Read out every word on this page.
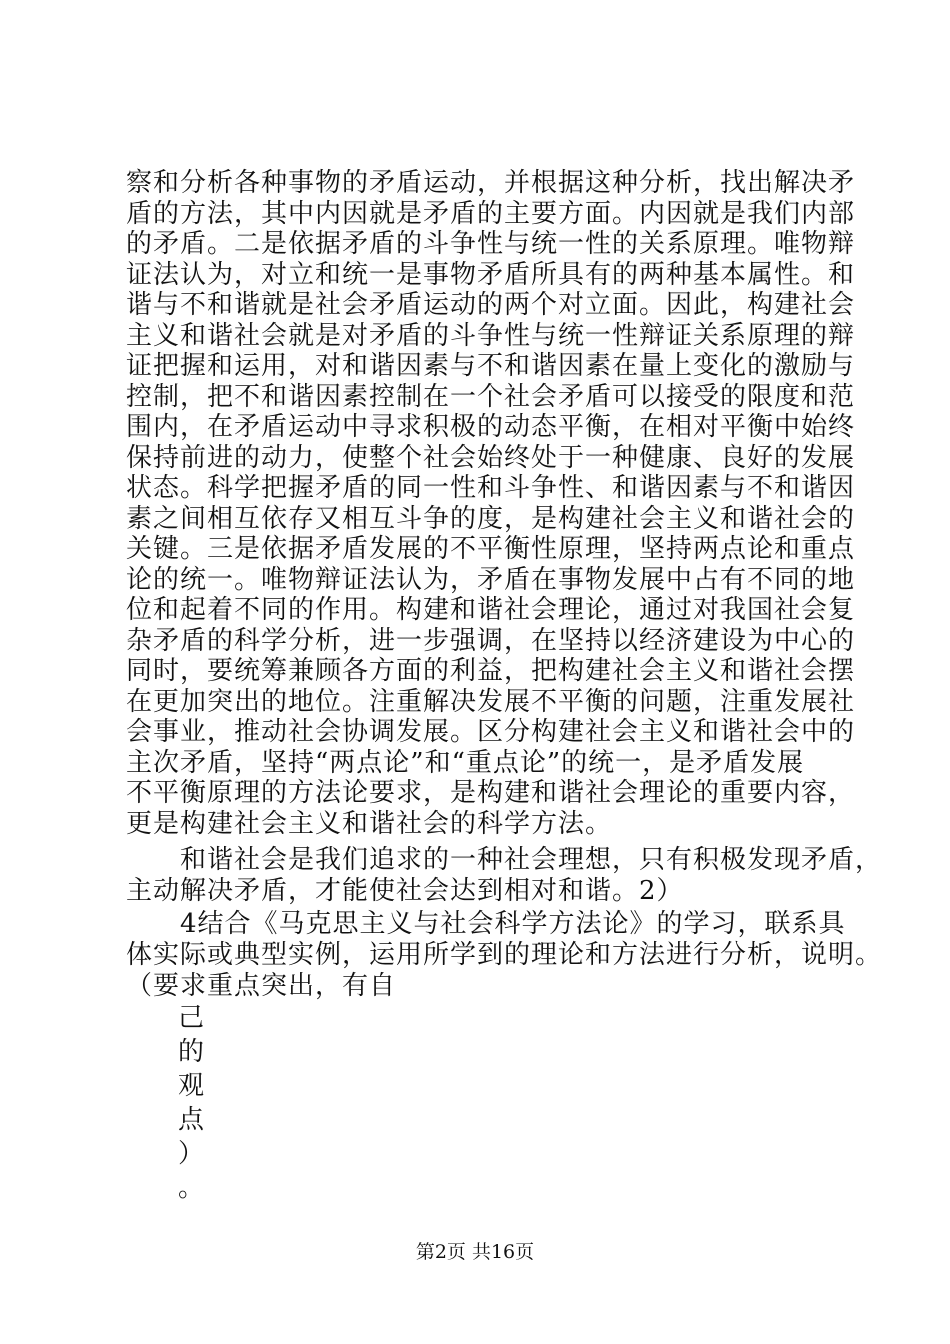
察和分析各种事物的矛盾运动，并根据这种分析，找出解决矛
盾的方法，其中内因就是矛盾的主要方面。内因就是我们内部
的矛盾。二是依据矛盾的斗争性与统一性的关系原理。唯物辩
证法认为，对立和统一是事物矛盾所具有的两种基本属性。和
谐与不和谐就是社会矛盾运动的两个对立面。因此，构建社会
主义和谐社会就是对矛盾的斗争性与统一性辩证关系原理的辩
证把握和运用，对和谐因素与不和谐因素在量上变化的激励与
控制，把不和谐因素控制在一个社会矛盾可以接受的限度和范
围内，在矛盾运动中寻求积极的动态平衡，在相对平衡中始终
保持前进的动力，使整个社会始终处于一种健康、良好的发展
状态。科学把握矛盾的同一性和斗争性、和谐因素与不和谐因
素之间相互依存又相互斗争的度，是构建社会主义和谐社会的
关键。三是依据矛盾发展的不平衡性原理，坚持两点论和重点
论的统一。唯物辩证法认为，矛盾在事物发展中占有不同的地
位和起着不同的作用。构建和谐社会理论，通过对我国社会复
杂矛盾的科学分析，进一步强调，在坚持以经济建设为中心的
同时，要统筹兼顾各方面的利益，把构建社会主义和谐社会摆
在更加突出的地位。注重解决发展不平衡的问题，注重发展社
会事业，推动社会协调发展。区分构建社会主义和谐社会中的
主次矛盾，坚持“两点论”和“重点论”的统一，是矛盾发展
不平衡原理的方法论要求，是构建和谐社会理论的重要内容，
更是构建社会主义和谐社会的科学方法。
　　和谐社会是我们追求的一种社会理想，只有积极发现矛盾，
主动解决矛盾，才能使社会达到相对和谐。2）
　　4结合《马克思主义与社会科学方法论》的学习，联系具
体实际或典型实例，运用所学到的理论和方法进行分析，说明。
（要求重点突出，有自
己
的
观
点
）
。
第2页 共16页
